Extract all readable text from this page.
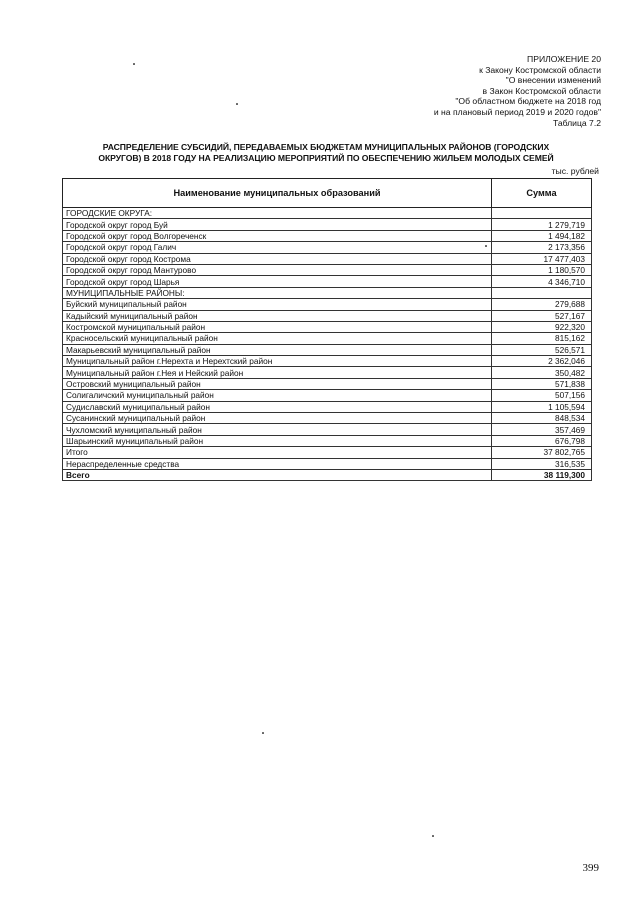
ПРИЛОЖЕНИЕ 20
к Закону Костромской области
"О внесении изменений
в Закон Костромской области
"Об областном бюджете на 2018 год
и на плановый период 2019 и 2020 годов"
Таблица 7.2
РАСПРЕДЕЛЕНИЕ СУБСИДИЙ, ПЕРЕДАВАЕМЫХ БЮДЖЕТАМ МУНИЦИПАЛЬНЫХ РАЙОНОВ (ГОРОДСКИХ
ОКРУГОВ) В 2018 ГОДУ НА РЕАЛИЗАЦИЮ МЕРОПРИЯТИЙ ПО ОБЕСПЕЧЕНИЮ ЖИЛЬЕМ МОЛОДЫХ СЕМЕЙ
тыс. рублей
Наименование муниципальных образований	Сумма
ГОРОДСКИЕ ОКРУГА:	
Городской округ город Буй	1 279,719
Городской округ город Волгореченск	1 494,182
Городской округ город Галич	2 173,356
Городской округ город Кострома	17 477,403
Городской округ город Мантурово	1 180,570
Городской округ город Шарья	4 346,710
МУНИЦИПАЛЬНЫЕ РАЙОНЫ:	
Буйский муниципальный район	279,688
Кадыйский муниципальный район	527,167
Костромской муниципальный район	922,320
Красносельский муниципальный район	815,162
Макарьевский муниципальный район	526,571
Муниципальный район г.Нерехта и Нерехтский район	2 362,046
Муниципальный район г.Нея и Нейский район	350,482
Островский муниципальный район	571,838
Солигаличский муниципальный район	507,156
Судиславский муниципальный район	1 105,594
Сусанинский муниципальный район	848,534
Чухломский муниципальный район	357,469
Шарьинский муниципальный район	676,798
Итого	37 802,765
Нераспределенные средства	316,535
Всего	38 119,300
399
